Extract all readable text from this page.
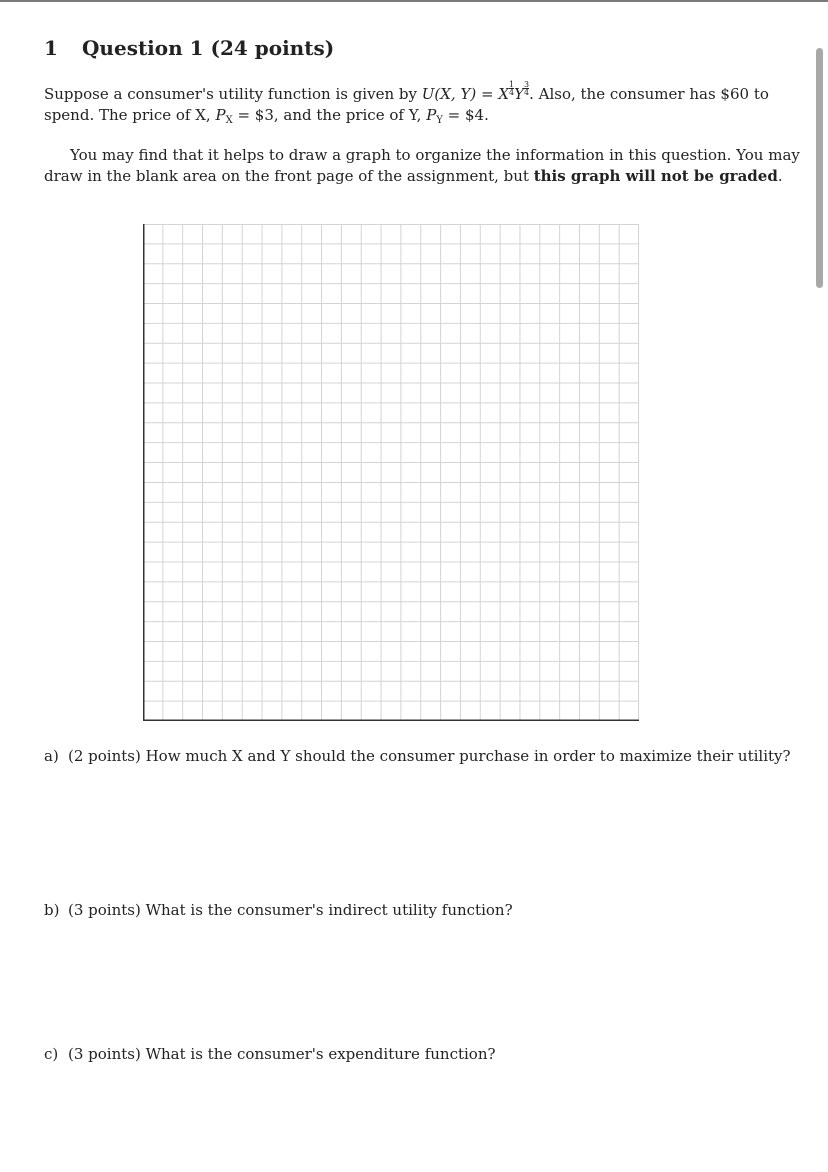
1 Question 1 (24 points)
Suppose a consumer's utility function is given by U(X, Y) = X $\frac{1}{4}$ Y $\frac{3}{4}$ . Also, the consumer has $60 to
spend. The price of X, $P_X$ = $3, and the price of Y, $P_Y$ = $4.
You may find that it helps to draw a graph to organize the information in this question. You may
draw in the blank area on the front page of the assignment, but this graph will not be graded.
a) (2 points) How much X and Y should the consumer purchase in order to maximize their utility?
b) (3 points) What is the consumer's indirect utility function?
c) (3 points) What is the consumer's expenditure function?
